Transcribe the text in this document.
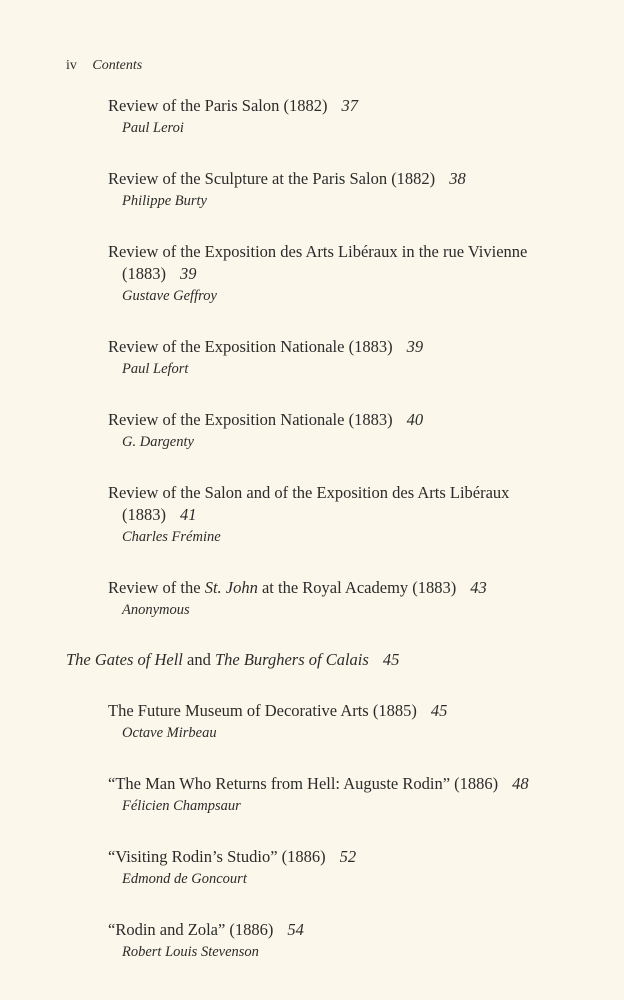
iv Contents
Review of the Paris Salon (1882) 37
Paul Leroi
Review of the Sculpture at the Paris Salon (1882) 38
Philippe Burty
Review of the Exposition des Arts Libéraux in the rue Vivienne
(1883) 39
Gustave Geffroy
Review of the Exposition Nationale (1883) 39
Paul Lefort
Review of the Exposition Nationale (1883) 40
G. Dargenty
Review of the Salon and of the Exposition des Arts Libéraux
(1883) 41
Charles Frémine
Review of the St. John at the Royal Academy (1883) 43
Anonymous
The Gates of Hell and The Burghers of Calais 45
The Future Museum of Decorative Arts (1885) 45
Octave Mirbeau
“The Man Who Returns from Hell: Auguste Rodin” (1886) 48
Félicien Champsaur
“Visiting Rodin’s Studio” (1886) 52
Edmond de Goncourt
“Rodin and Zola” (1886) 54
Robert Louis Stevenson
